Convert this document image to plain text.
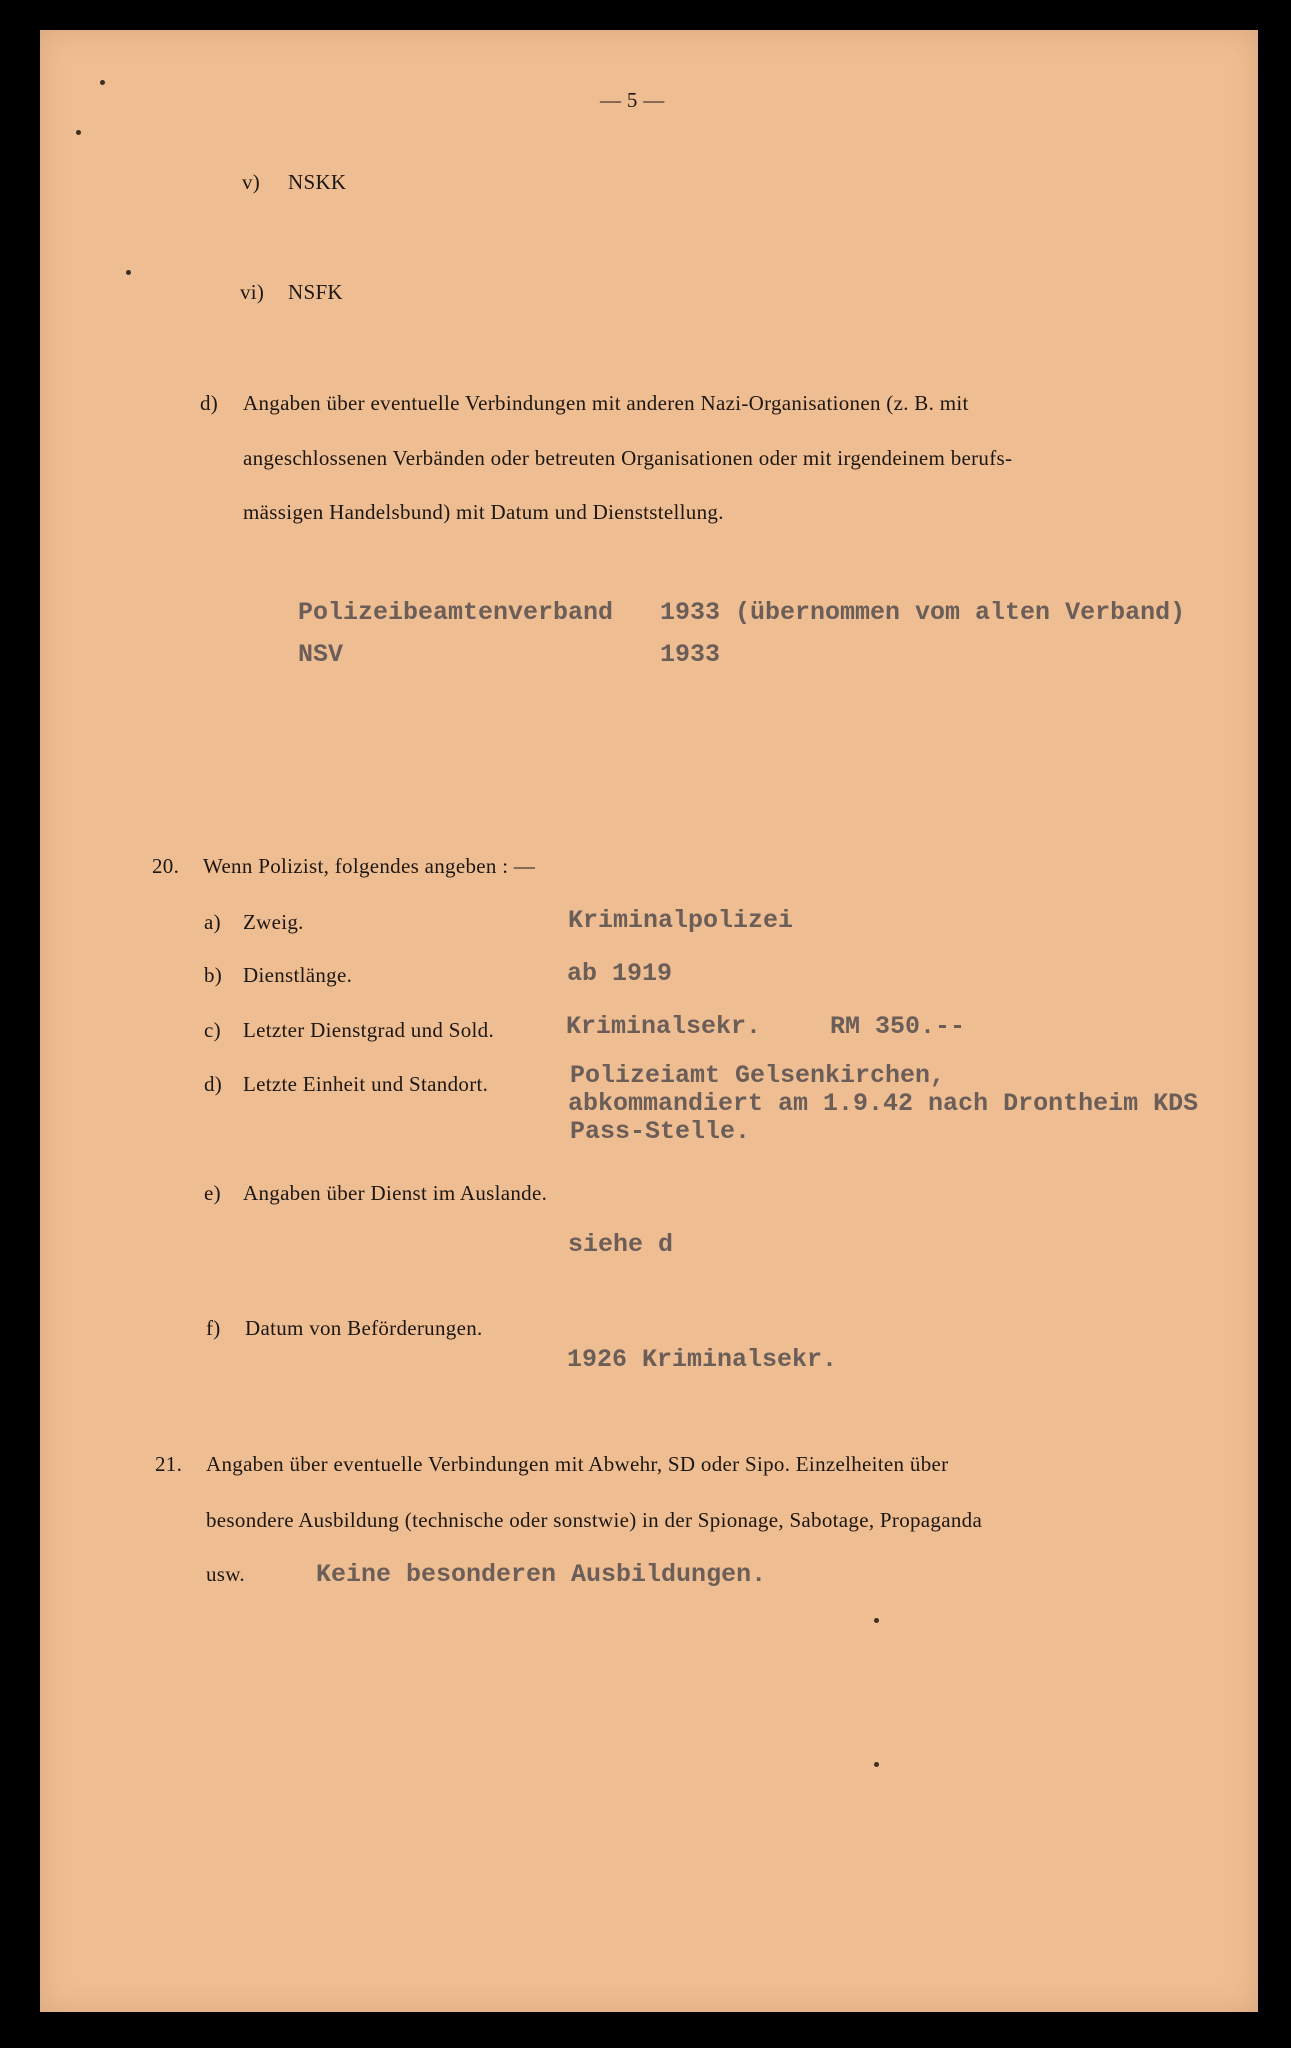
— 5 —
v) NSKK
vi) NSFK
d) Angaben über eventuelle Verbindungen mit anderen Nazi-Organisationen (z. B. mit
angeschlossenen Verbänden oder betreuten Organisationen oder mit irgendeinem berufs-
mässigen Handelsbund) mit Datum und Dienststellung.
Polizeibeamtenverband 1933 (übernommen vom alten Verband)
NSV	1933
20. Wenn Polizist, folgendes angeben : —
a) Zweig.	Kriminalpolizei
b) Dienstlänge.	ab 1919
c) Letzter Dienstgrad und Sold.	Kriminalsekr.	RM 350.--
d) Letzte Einheit und Standort.	Polizeiamt Gelsenkirchen,
abkommandiert am 1.9.42 nach Drontheim KDS
Pass-Stelle.
e) Angaben über Dienst im Auslande.
siehe d
f) Datum von Beförderungen.
1926 Kriminalsekr.
21. Angaben über eventuelle Verbindungen mit Abwehr, SD oder Sipo. Einzelheiten über
besondere Ausbildung (technische oder sonstwie) in der Spionage, Sabotage, Propaganda
usw.	Keine besonderen Ausbildungen.
